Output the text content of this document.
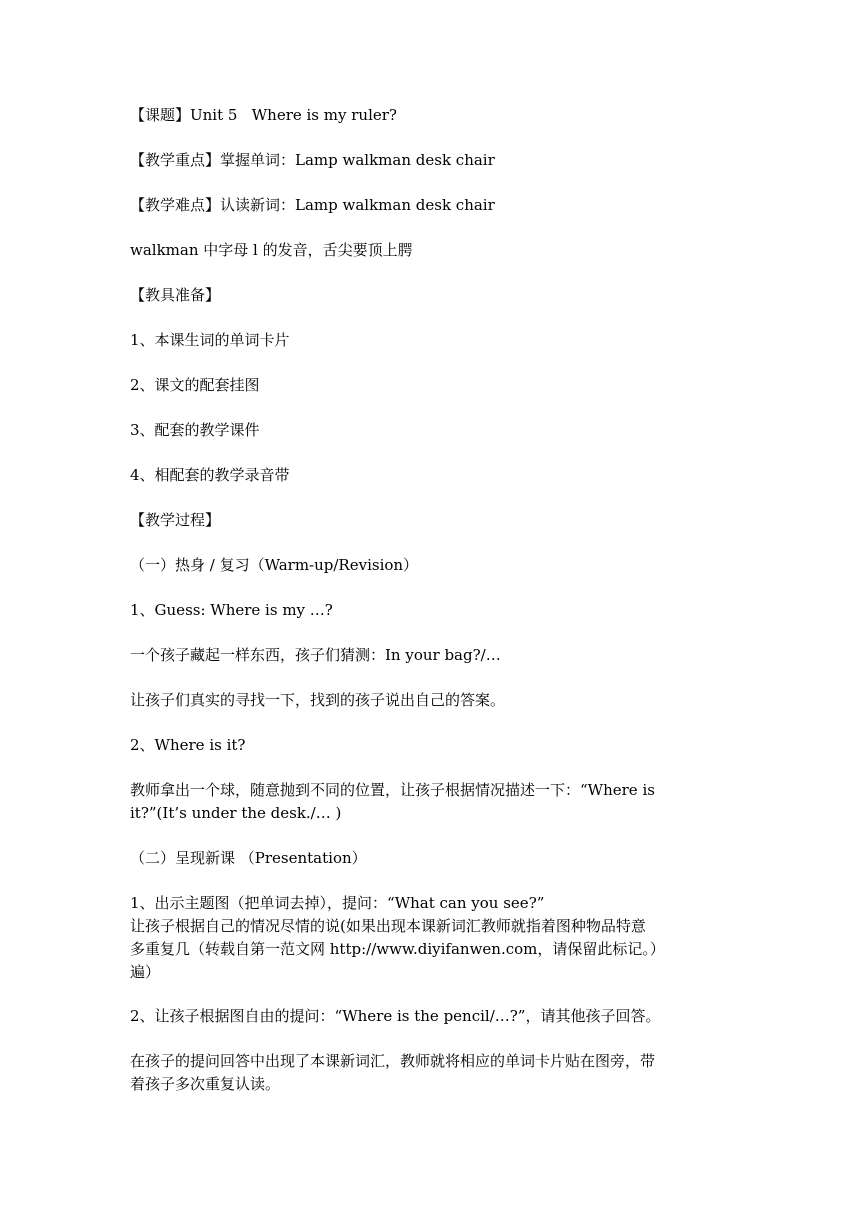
【课题】Unit 5   Where is my ruler?
【教学重点】掌握单词：Lamp walkman desk chair
【教学难点】认读新词：Lamp walkman desk chair
walkman 中字母 l 的发音，舌尖要顶上腭
【教具准备】
1、本课生词的单词卡片
2、课文的配套挂图
3、配套的教学课件
4、相配套的教学录音带
【教学过程】
（一）热身 / 复习（Warm-up/Revision）
1、Guess: Where is my …?
一个孩子藏起一样东西，孩子们猜测：In your bag?/…
让孩子们真实的寻找一下，找到的孩子说出自己的答案。
2、Where is it?
教师拿出一个球，随意抛到不同的位置，让孩子根据情况描述一下：“Where is
it?”(It’s under the desk./… )
（二）呈现新课 （Presentation）
1、出示主题图（把单词去掉），提问：“What can you see?”
让孩子根据自己的情况尽情的说(如果出现本课新词汇教师就指着图种物品特意
多重复几（转载自第一范文网 http://www.diyifanwen.com，请保留此标记。）
遍）
2、让孩子根据图自由的提问：“Where is the pencil/…?”，请其他孩子回答。
在孩子的提问回答中出现了本课新词汇，教师就将相应的单词卡片贴在图旁，带
着孩子多次重复认读。
